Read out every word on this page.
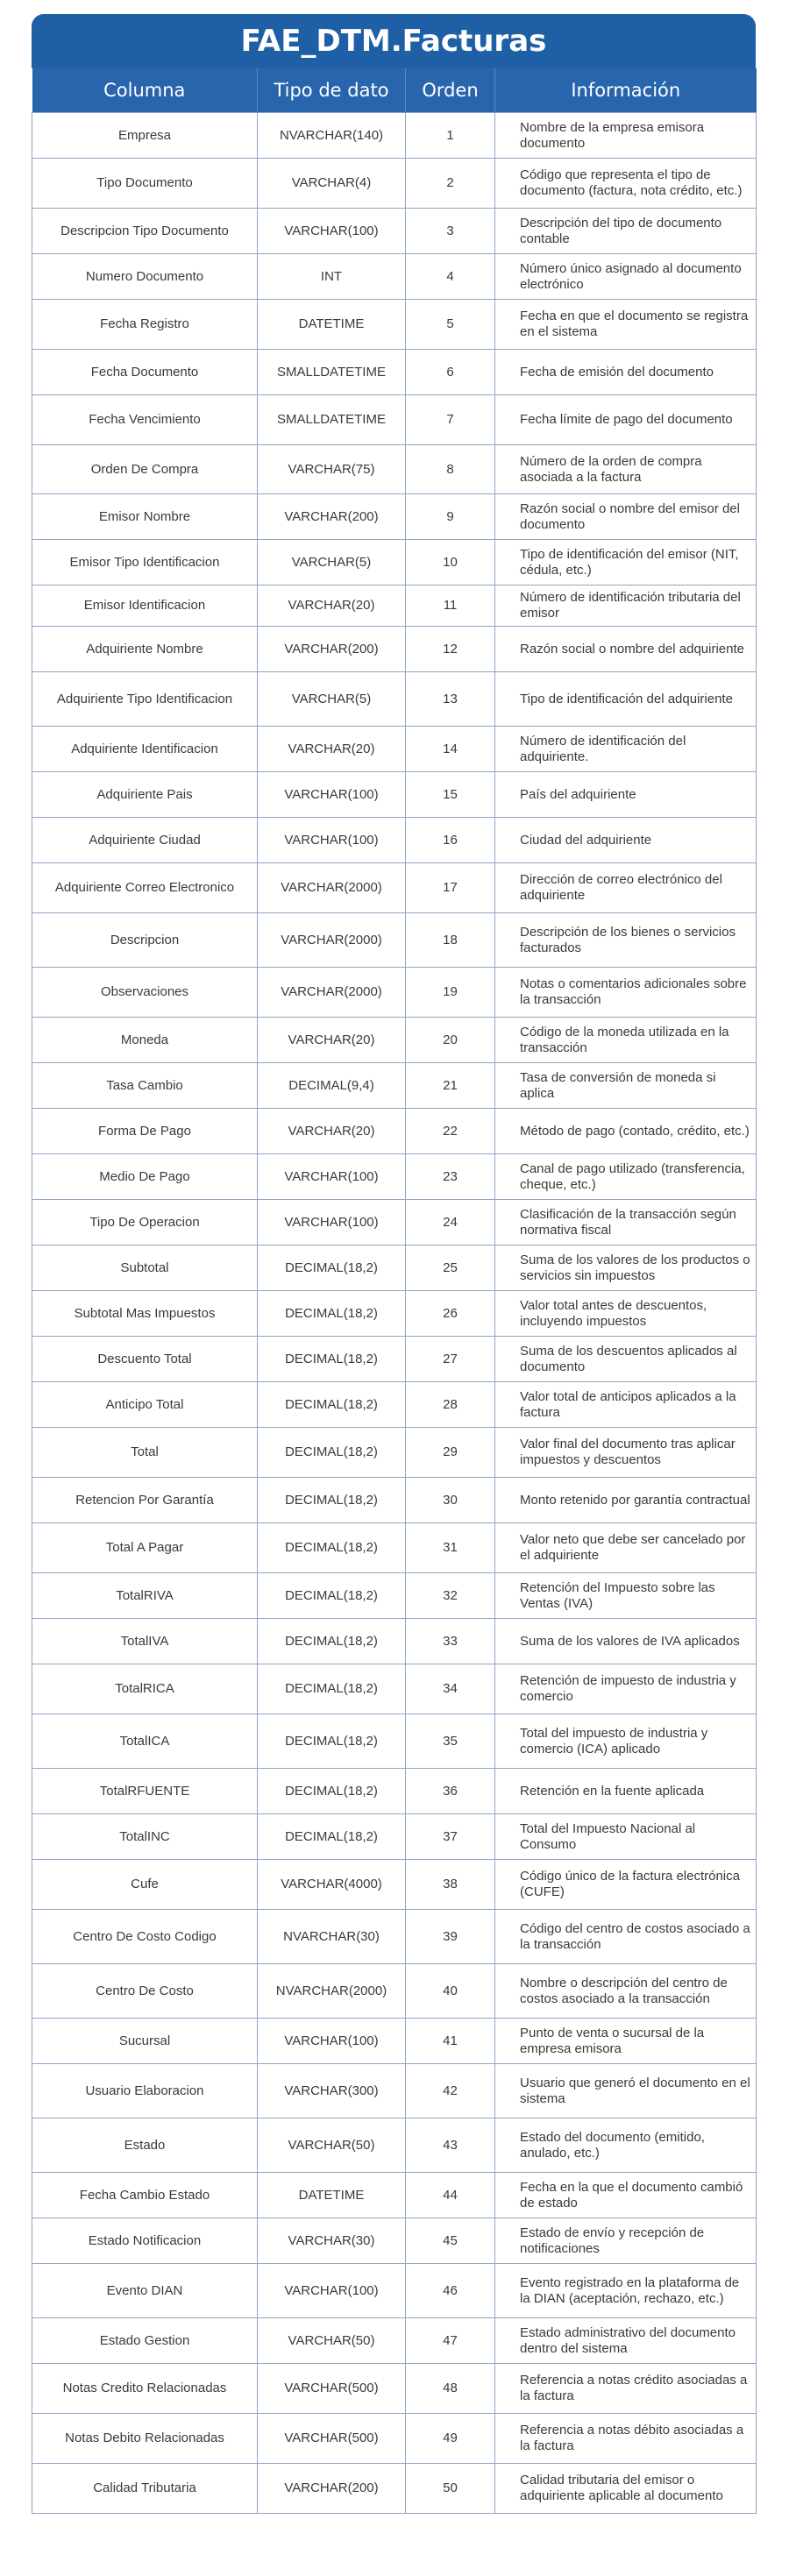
FAE_DTM.Facturas
Columna	Tipo de dato	Orden	Información
Empresa	NVARCHAR(140)	1	Nombre de la empresa emisora documento
Tipo Documento	VARCHAR(4)	2	Código que representa el tipo de documento (factura, nota crédito, etc.)
Descripcion Tipo Documento	VARCHAR(100)	3	Descripción del tipo de documento contable
Numero Documento	INT	4	Número único asignado al documento electrónico
Fecha Registro	DATETIME	5	Fecha en que el documento se registra en el sistema
Fecha Documento	SMALLDATETIME	6	Fecha de emisión del documento
Fecha Vencimiento	SMALLDATETIME	7	Fecha límite de pago del documento
Orden De Compra	VARCHAR(75)	8	Número de la orden de compra asociada a la factura
Emisor Nombre	VARCHAR(200)	9	Razón social o nombre del emisor del documento
Emisor Tipo Identificacion	VARCHAR(5)	10	Tipo de identificación del emisor (NIT, cédula, etc.)
Emisor Identificacion	VARCHAR(20)	11	Número de identificación tributaria del emisor
Adquiriente Nombre	VARCHAR(200)	12	Razón social o nombre del adquiriente
Adquiriente Tipo Identificacion	VARCHAR(5)	13	Tipo de identificación del adquiriente
Adquiriente Identificacion	VARCHAR(20)	14	Número de identificación del adquiriente.
Adquiriente Pais	VARCHAR(100)	15	País del adquiriente
Adquiriente Ciudad	VARCHAR(100)	16	Ciudad del adquiriente
Adquiriente Correo Electronico	VARCHAR(2000)	17	Dirección de correo electrónico del adquiriente
Descripcion	VARCHAR(2000)	18	Descripción de los bienes o servicios facturados
Observaciones	VARCHAR(2000)	19	Notas o comentarios adicionales sobre la transacción
Moneda	VARCHAR(20)	20	Código de la moneda utilizada en la transacción
Tasa Cambio	DECIMAL(9,4)	21	Tasa de conversión de moneda si aplica
Forma De Pago	VARCHAR(20)	22	Método de pago (contado, crédito, etc.)
Medio De Pago	VARCHAR(100)	23	Canal de pago utilizado (transferencia, cheque, etc.)
Tipo De Operacion	VARCHAR(100)	24	Clasificación de la transacción según normativa fiscal
Subtotal	DECIMAL(18,2)	25	Suma de los valores de los productos o servicios sin impuestos
Subtotal Mas Impuestos	DECIMAL(18,2)	26	Valor total antes de descuentos, incluyendo impuestos
Descuento Total	DECIMAL(18,2)	27	Suma de los descuentos aplicados al documento
Anticipo Total	DECIMAL(18,2)	28	Valor total de anticipos aplicados a la factura
Total	DECIMAL(18,2)	29	Valor final del documento tras aplicar impuestos y descuentos
Retencion Por Garantía	DECIMAL(18,2)	30	Monto retenido por garantía contractual
Total A Pagar	DECIMAL(18,2)	31	Valor neto que debe ser cancelado por el adquiriente
TotalRIVA	DECIMAL(18,2)	32	Retención del Impuesto sobre las Ventas (IVA)
TotalIVA	DECIMAL(18,2)	33	Suma de los valores de IVA aplicados
TotalRICA	DECIMAL(18,2)	34	Retención de impuesto de industria y comercio
TotalICA	DECIMAL(18,2)	35	Total del impuesto de industria y comercio (ICA) aplicado
TotalRFUENTE	DECIMAL(18,2)	36	Retención en la fuente aplicada
TotalINC	DECIMAL(18,2)	37	Total del Impuesto Nacional al Consumo
Cufe	VARCHAR(4000)	38	Código único de la factura electrónica (CUFE)
Centro De Costo Codigo	NVARCHAR(30)	39	Código del centro de costos asociado a la transacción
Centro De Costo	NVARCHAR(2000)	40	Nombre o descripción del centro de costos asociado a la transacción
Sucursal	VARCHAR(100)	41	Punto de venta o sucursal de la empresa emisora
Usuario Elaboracion	VARCHAR(300)	42	Usuario que generó el documento en el sistema
Estado	VARCHAR(50)	43	Estado del documento (emitido, anulado, etc.)
Fecha Cambio Estado	DATETIME	44	Fecha en la que el documento cambió de estado
Estado Notificacion	VARCHAR(30)	45	Estado de envío y recepción de notificaciones
Evento DIAN	VARCHAR(100)	46	Evento registrado en la plataforma de la DIAN (aceptación, rechazo, etc.)
Estado Gestion	VARCHAR(50)	47	Estado administrativo del documento dentro del sistema
Notas Credito Relacionadas	VARCHAR(500)	48	Referencia a notas crédito asociadas a la factura
Notas Debito Relacionadas	VARCHAR(500)	49	Referencia a notas débito asociadas a la factura
Calidad Tributaria	VARCHAR(200)	50	Calidad tributaria del emisor o adquiriente aplicable al documento
